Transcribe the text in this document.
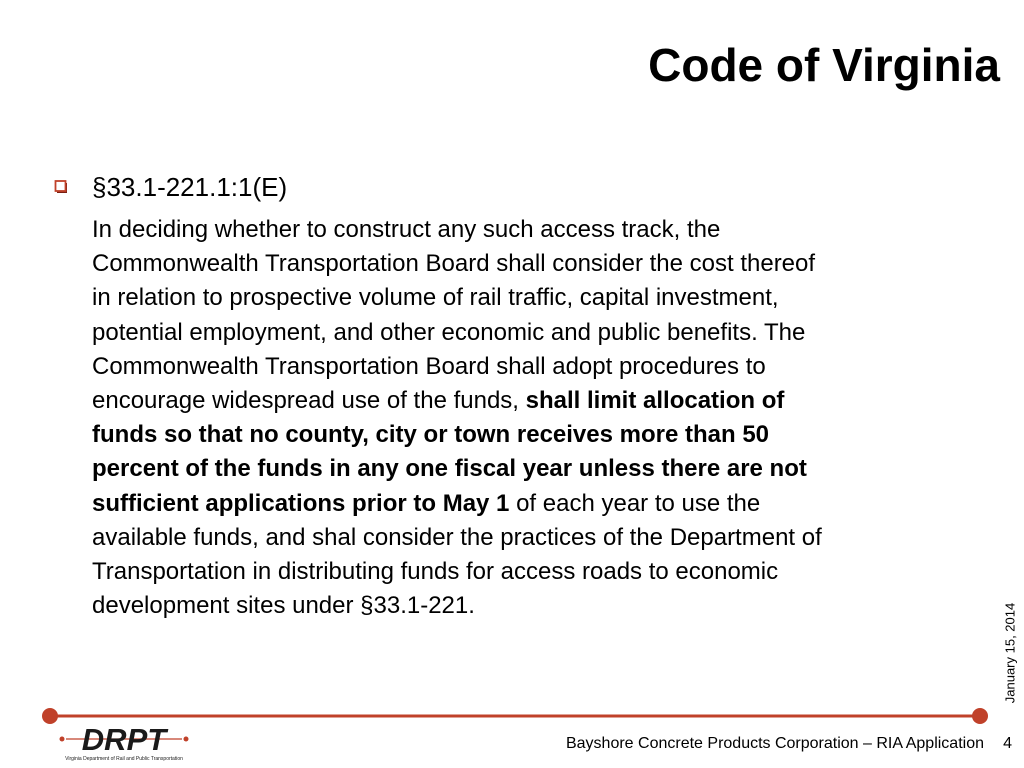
Code of Virginia
§33.1-221.1:1(E)
In deciding whether to construct any such access track, the
Commonwealth Transportation Board shall consider the cost thereof
in relation to prospective volume of rail traffic, capital investment,
potential employment, and other economic and public benefits. The
Commonwealth Transportation Board shall adopt procedures to
encourage widespread use of the funds, shall limit allocation of
funds so that no county, city or town receives more than 50
percent of the funds in any one fiscal year unless there are not
sufficient applications prior to May 1 of each year to use the
available funds, and shal consider the practices of the Department of
Transportation in distributing funds for access roads to economic
development sites under §33.1-221.	January 15, 2014
DRPT
Virginia Department of Rail and Public Transportation
Bayshore Concrete Products Corporation – RIA Application 4
